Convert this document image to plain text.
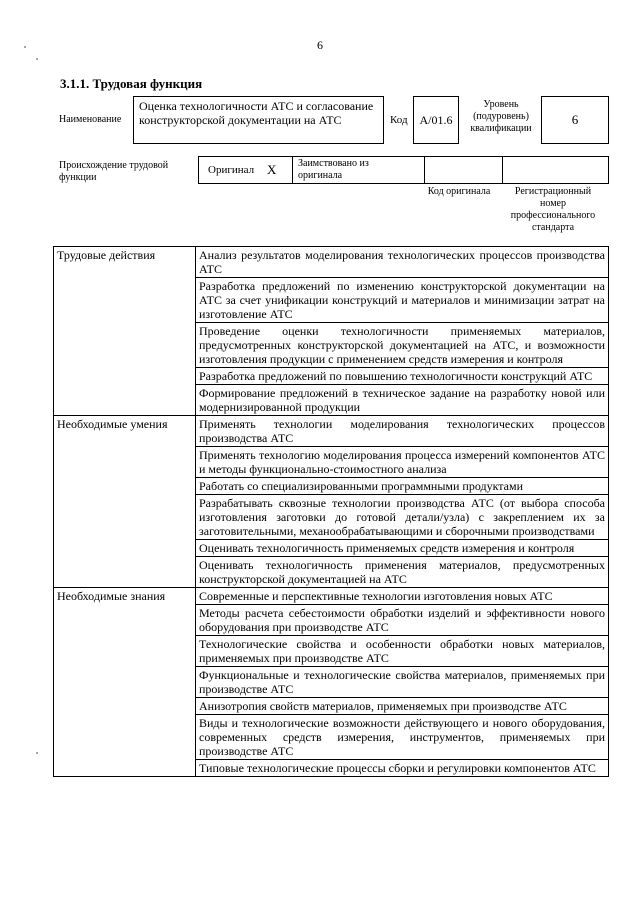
6
3.1.1. Трудовая функция
Наименование
Оценка технологичности АТС и согласование конструкторской документации на АТС	Код А/01.6
Уровень (подуровень) квалификации
6
Происхождение трудовой функции
Оригинал X Заимствовано из оригинала
Код оригинала	Регистрационный номер профессионального стандарта
Трудовые действия	Анализ результатов моделирования технологических процессов производства АТС
	Разработка предложений по изменению конструкторской документации на АТС за счет унификации конструкций и материалов и минимизации затрат на изготовление АТС
	Проведение оценки технологичности применяемых материалов, предусмотренных конструкторской документацией на АТС, и возможности изготовления продукции с применением средств измерения и контроля
	Разработка предложений по повышению технологичности конструкций АТС
	Формирование предложений в техническое задание на разработку новой или модернизированной продукции
Необходимые умения	Применять технологии моделирования технологических процессов производства АТС
	Применять технологию моделирования процесса измерений компонентов АТС и методы функционально-стоимостного анализа
	Работать со специализированными программными продуктами
	Разрабатывать сквозные технологии производства АТС (от выбора способа изготовления заготовки до готовой детали/узла) с закреплением их за заготовительными, механообрабатывающими и сборочными производствами
	Оценивать технологичность применяемых средств измерения и контроля
	Оценивать технологичность применения материалов, предусмотренных конструкторской документацией на АТС
Необходимые знания	Современные и перспективные технологии изготовления новых АТС
	Методы расчета себестоимости обработки изделий и эффективности нового оборудования при производстве АТС
	Технологические свойства и особенности обработки новых материалов, применяемых при производстве АТС
	Функциональные и технологические свойства материалов, применяемых при производстве АТС
	Анизотропия свойств материалов, применяемых при производстве АТС
	Виды и технологические возможности действующего и нового оборудования, современных средств измерения, инструментов, применяемых при производстве АТС
	Типовые технологические процессы сборки и регулировки компонентов АТС
